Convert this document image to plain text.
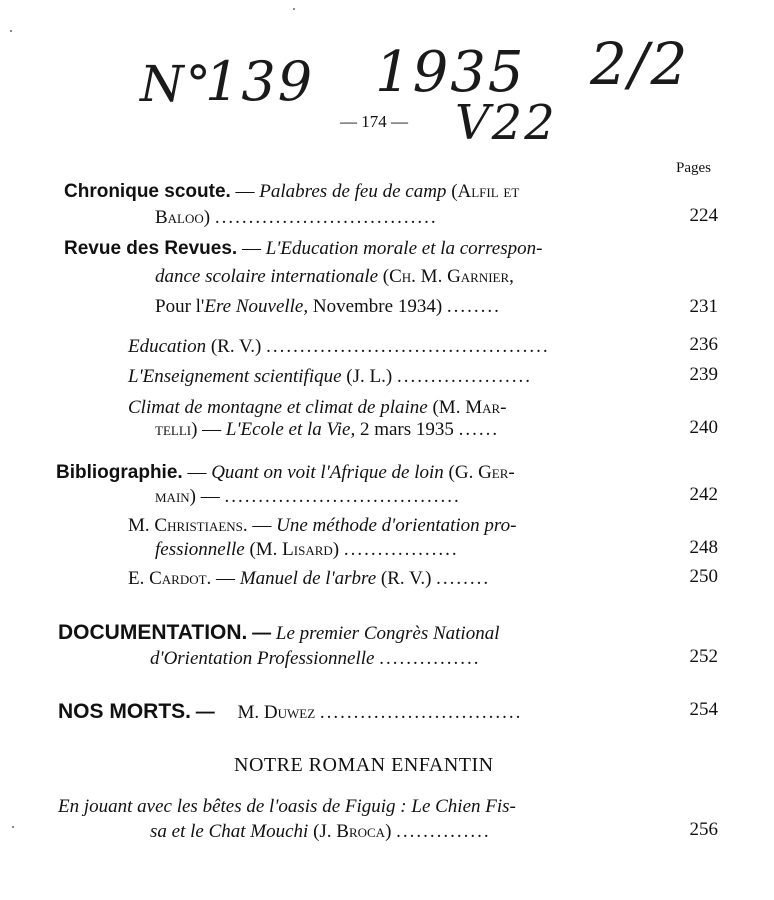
N°
139 1935 2/2
V22
— 174 —
Pages
Chronique scoute. — Palabres de feu de camp (Alfil et
Baloo) .................................	224
Revue des Revues. — L'Education morale et la correspon-
dance scolaire internationale (Ch. M. Garnier,
Pour l'Ere Nouvelle, Novembre 1934) ........	231
Education (R. V.) ..........................................	236
L'Enseignement scientifique (J. L.) ....................	239
Climat de montagne et climat de plaine (M. Mar-
telli) — L'Ecole et la Vie, 2 mars 1935 ......	240
Bibliographie. — Quant on voit l'Afrique de loin (G. Ger-
main) — ...................................	242
M. Christiaens. — Une méthode d'orientation pro-
fessionnelle (M. Lisard) .................	248
E. Cardot. — Manuel de l'arbre (R. V.) ........	250
DOCUMENTATION. — Le premier Congrès National
d'Orientation Professionnelle ...............	252
NOS MORTS. — M. Duwez ..............................	254
NOTRE ROMAN ENFANTIN
En jouant avec les bêtes de l'oasis de Figuig : Le Chien Fis-
sa et le Chat Mouchi (J. Broca) ..............	256
